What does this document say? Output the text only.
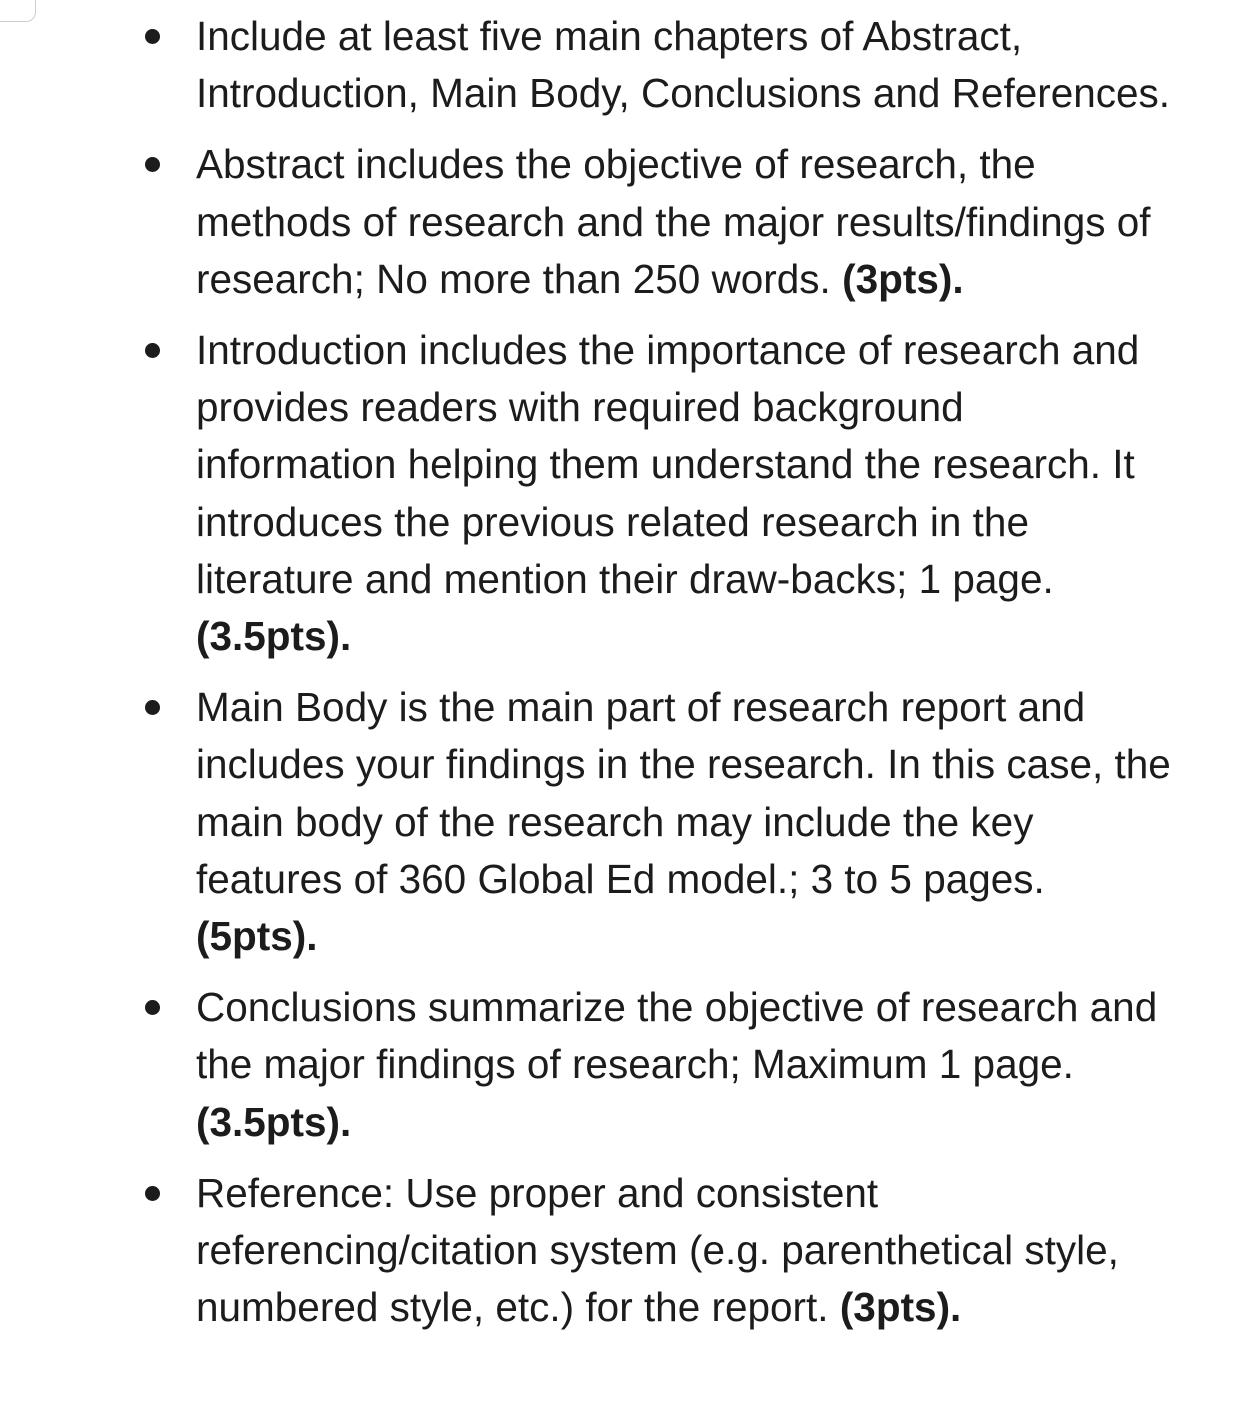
Include at least five main chapters of Abstract, Introduction, Main Body, Conclusions and References.
Abstract includes the objective of research, the methods of research and the major results/findings of research; No more than 250 words. (3pts).
Introduction includes the importance of research and provides readers with required background information helping them understand the research. It introduces the previous related research in the literature and mention their draw-backs; 1 page. (3.5pts).
Main Body is the main part of research report and includes your findings in the research. In this case, the main body of the research may include the key features of 360 Global Ed model.; 3 to 5 pages. (5pts).
Conclusions summarize the objective of research and the major findings of research; Maximum 1 page. (3.5pts).
Reference: Use proper and consistent referencing/citation system (e.g. parenthetical style, numbered style, etc.) for the report. (3pts).
